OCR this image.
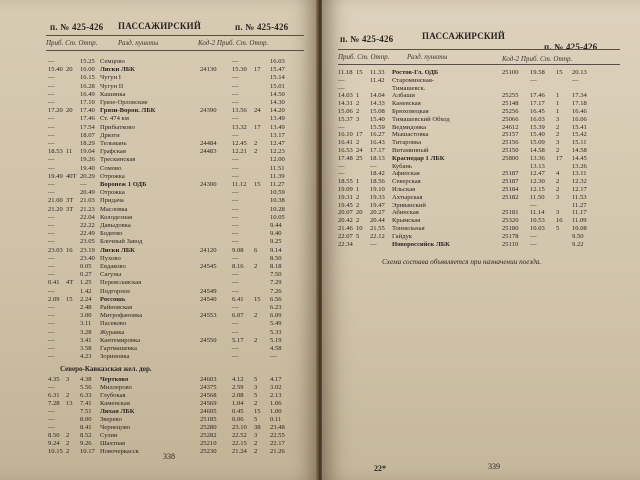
п. № 425-426 ПАССАЖИРСКИЙ	п. № 425-426
Приб. Ст. Отпр.	Разд. пункты	Код-2 Приб. Ст. Отпр.
—	15.25 Семцово	—	16.03
15.40 20 16.00 Лиски ЛБК	24130 15.30 17 15.47
—	16.15 Чугун I	—	15.14
—	16.28 Чугун II	—	15.01
—	16.49 Кашинка	—	14.50
—	17.10 Грязе-Орловские	—	14.30
17.20 20 17.40 Грязи-Ворон. ЛБК	24390 13.56 24 14.20
—	17.46 Ст. 474 км	—	13.49
—	17.54 Прибытково	13.32 17 13.49
—	18.07 Дрязги	—	13.17
—	18.29 Тельмань	24484 12.45 2 12.47
18.53 11 19.04 Графская	24483 12.21 2 12.23
—	19.26 Трескинская	—	12.00
—	19.40 Сомово	—	11.51
19.49 40Т 20.29 Отрожка	—	11.39
—	— Воронеж 1 ОДБ	24300 11.12 15 11.27
—	20.49 Отрожка	—	10.59
21.00 3Т 21.03 Придача	—	10.38
21.20 3Т 21.23 Масловка	—	10.28
—	22.04 Колодезная	—	10.05
—	22.22 Давыдовка	—	9.44
—	22.49 Бодеево	—	9.40
—	23.05 Блочный Завод	—	9.25
23.03 16 23.19 Лиски ЛБК	24120 9.08 6 9.14
—	23.40 Пухово	—	8.50
—	0.05 Евдаково	24545 8.16 2 8.18
—	0.27 Сагуны	—	7.50
0.41 4Т 1.25 Переяславская	—	7.29
—	1.42 Подгорное	24549 —	7.26
2.09 15 2.24 Россошь	24540 6.41 15 6.56
—	2.48 Райновская	—	6.23
—	3.00 Митрофановка	24553 6.07 2 6.09
—	3.11 Пасеково	—	5.49
—	3.28 Журавка	—	5.33
—	3.41 Кантемировка	24550 5.17 2 5.19
—	3.58 Гартмашевка	—	4.58
—	4.23 Зориновка	—	—
Северо-Кавказская жел. дор.
4.35 3 4.38 Чертково	24603 4.12 5 4.17
—	5.56 Миллерово	24375 2.59 3 3.02
6.31 2 6.33 Глубокая	24568 2.08 5 2.13
7.28 13 7.41 Каменская	24569 1.04 2 1.06
—	7.51 Лихая ЛБК	24605 0.45 15 1.00
—	8.00 Зверево	25185 0.06 5 0.11
—	8.41 Чернецово	25280 23.10 38 23.48
8.50 2 8.52 Сулин	25282 22.52 3 22.55
9.24 2 9.26 Шахтная	25210 22.15 2 22.17
10.15 2 10.17 Новочеркасск	25230 21.24 2 21.26
338
п. № 425-426	ПАССАЖИРСКИЙ
п. № 425-426
Приб. Ст. Отпр.	Разд. пункты	Код-2 Приб. Ст. Отпр.
11.18 15 11.33 Ростов-Гл. ОДБ	25100 19.58 15 20.13
—	11.42 Староминская-	—	—
—	Тимашевск.
14.03 1 14.04 Албаши	25255 17.46 1 17.34
14.31 2 14.33 Каневская	25148 17.17 1 17.18
15.06 2 15.08 Брюховецкая	25256 16.45 1 16.46
15.37 3 15.40 Тимашевский Обход	25066 16.03 3 16.06
—	15.59 Ведмидовка	24612 15.39 2 15.41
16.10 17 16.27 Мышастовка	25157 15.40 2 15.42
16.41 2 16.43 Титаровка	25156 15.09 3 15.11
16.53 24 17.17 Витаминный	25150 14.58 2 14.58
17.48 25 18.13 Краснодар 1 ЛБК	25800 13.36 17 14.45
—	— Кубань	13.13	13.26
—	18.42 Афипская	25187 12.47 4 13.11
18.55 1 18.56 Северская	25187 12.30 2 12.32
19.09 1 19.10 Ильская	25184 12.15 2 12.17
19.31 2 19.33 Ахтырская	25182 11.50 3 11.53
19.45 2 19.47 Эриванский	—	11.27
20.07 20 20.27 Абинская	25181 11.14 3 11.17
20.42 2 20.44 Крымская	25320 10.53 16 11.09
21.46 10 21.55 Тоннельная	25180 10.03 5 10.08
22.07 5 22.12 Гайдук	25178 —	9.50
22.34	— Новороссийск ЛБК	25110 —	9.22
Схема состава объявляется при назначении поезда.
22*	339
